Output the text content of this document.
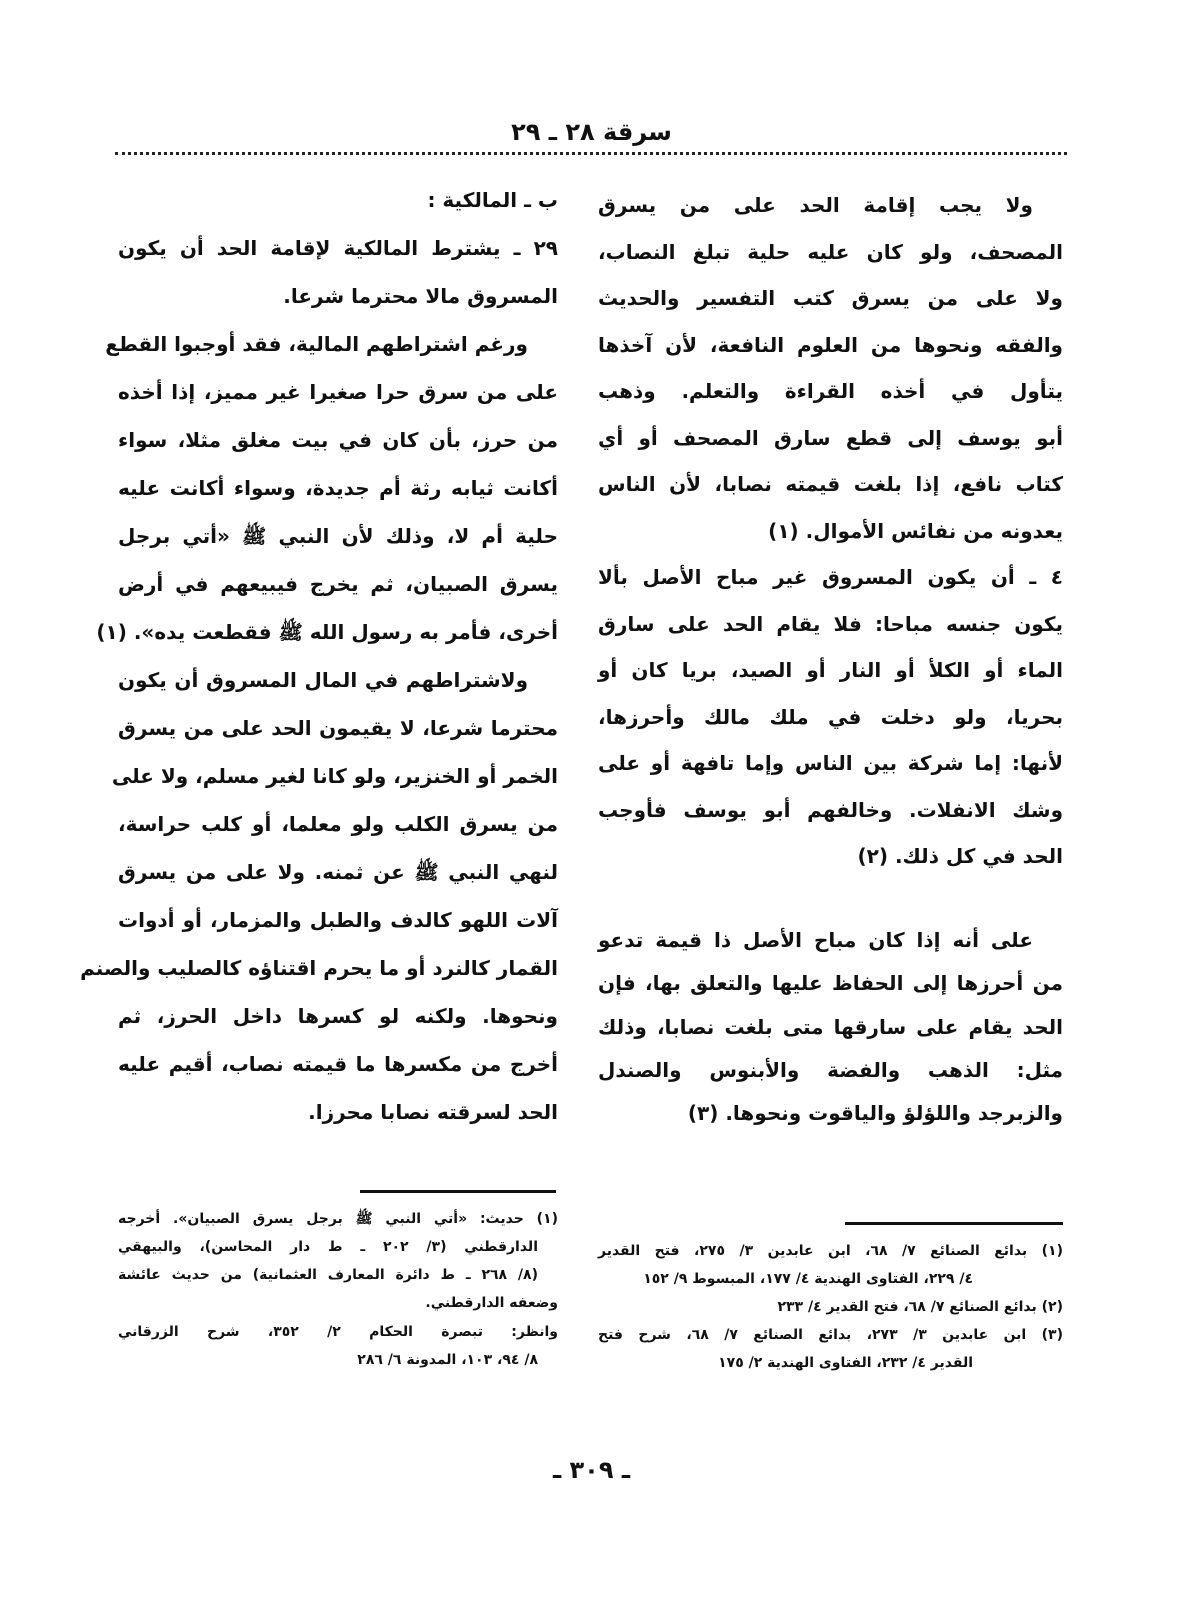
سرقة ٢٨ ـ ٢٩
ولا يجب إقامة الحد على من يسرق
المصحف، ولو كان عليه حلية تبلغ النصاب،
ولا على من يسرق كتب التفسير والحديث
والفقه ونحوها من العلوم النافعة، لأن آخذها
يتأول في أخذه القراءة والتعلم. وذهب
أبو يوسف إلى قطع سارق المصحف أو أي
كتاب نافع، إذا بلغت قيمته نصابا، لأن الناس
يعدونه من نفائس الأموال. (١)
٤ ـ أن يكون المسروق غير مباح الأصل بألا
يكون جنسه مباحا: فلا يقام الحد على سارق
الماء أو الكلأ أو النار أو الصيد، بريا كان أو
بحريا، ولو دخلت في ملك مالك وأحرزها،
لأنها: إما شركة بين الناس وإما تافهة أو على
وشك الانفلات. وخالفهم أبو يوسف فأوجب
الحد في كل ذلك. (٢)
على أنه إذا كان مباح الأصل ذا قيمة تدعو
من أحرزها إلى الحفاظ عليها والتعلق بها، فإن
الحد يقام على سارقها متى بلغت نصابا، وذلك
مثل: الذهب والفضة والأبنوس والصندل
والزبرجد واللؤلؤ والياقوت ونحوها. (٣)
ب ـ المالكية :
٢٩ ـ يشترط المالكية لإقامة الحد أن يكون
المسروق مالا محترما شرعا.
ورغم اشتراطهم المالية، فقد أوجبوا القطع
على من سرق حرا صغيرا غير مميز، إذا أخذه
من حرز، بأن كان في بيت مغلق مثلا، سواء
أكانت ثيابه رثة أم جديدة، وسواء أكانت عليه
حلية أم لا، وذلك لأن النبي ﷺ «أتي برجل
يسرق الصبيان، ثم يخرج فيبيعهم في أرض
أخرى، فأمر به رسول الله ﷺ فقطعت يده». (١)
ولاشتراطهم في المال المسروق أن يكون
محترما شرعا، لا يقيمون الحد على من يسرق
الخمر أو الخنزير، ولو كانا لغير مسلم، ولا على
من يسرق الكلب ولو معلما، أو كلب حراسة،
لنهي النبي ﷺ عن ثمنه. ولا على من يسرق
آلات اللهو كالدف والطبل والمزمار، أو أدوات
القمار كالنرد أو ما يحرم اقتناؤه كالصليب والصنم
ونحوها. ولكنه لو كسرها داخل الحرز، ثم
أخرج من مكسرها ما قيمته نصاب، أقيم عليه
الحد لسرقته نصابا محرزا.
(١) بدائع الصنائع ٧/ ٦٨، ابن عابدين ٣/ ٢٧٥، فتح القدير
٤/ ٢٢٩، الفتاوى الهندية ٤/ ١٧٧، المبسوط ٩/ ١٥٢
(٢) بدائع الصنائع ٧/ ٦٨، فتح القدير ٤/ ٢٣٣
(٣) ابن عابدين ٣/ ٢٧٣، بدائع الصنائع ٧/ ٦٨، شرح فتح
القدير ٤/ ٢٣٢، الفتاوى الهندية ٢/ ١٧٥
(١) حديث: «أتي النبي ﷺ برجل يسرق الصبيان». أخرجه
الدارقطني (٣/ ٢٠٢ ـ ط دار المحاسن)، والبيهقي
(٨/ ٢٦٨ ـ ط دائرة المعارف العثمانية) من حديث عائشة
وضعفه الدارقطني.
وانظر: تبصرة الحكام ٢/ ٣٥٢، شرح الزرقاني
٨/ ٩٤، ١٠٣، المدونة ٦/ ٢٨٦
ـ ٣٠٩ ـ
